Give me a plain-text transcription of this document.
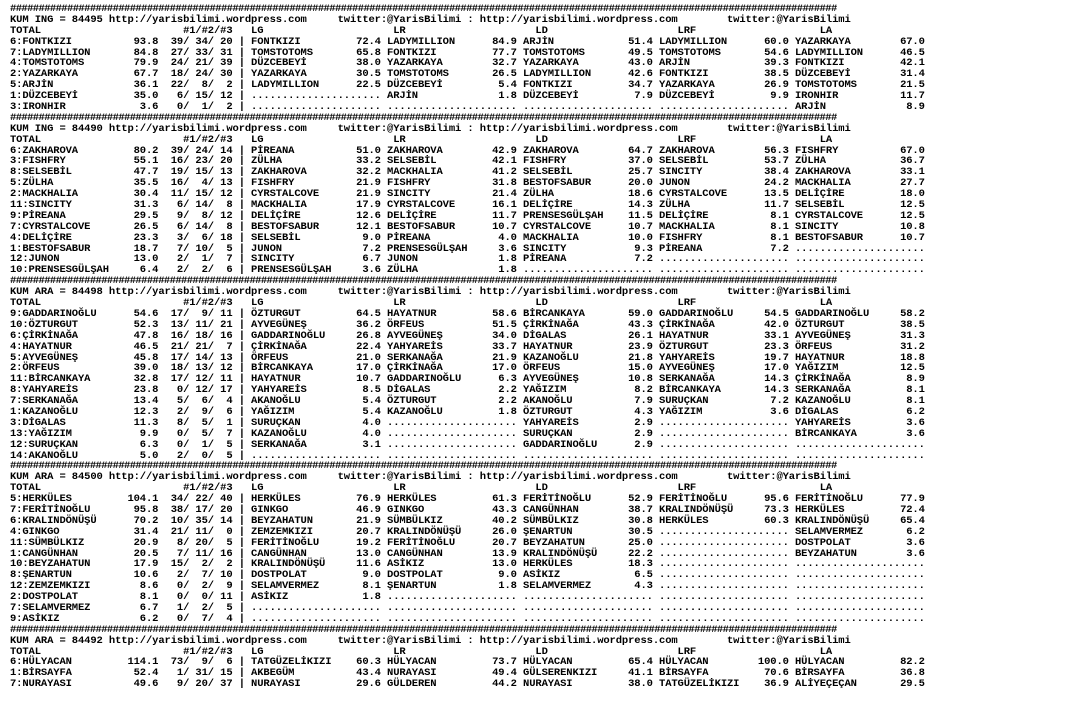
#################################################################################################################################################
KUM ING = 84495 http://yarisbilimi.wordpress.com     twitter:@YarisBilimi : http://yarisbilimi.wordpress.com        twitter:@YarisBilimi
TOTAL                       #1/#2/#3   LG                     LR                     LD                     LRF                    LA
6:FONTKIZI          93.8  39/ 34/ 20 | FONTKIZI         72.4 LADYMILLION      84.9 ARJİN            51.4 LADYMILLION      60.0 YAZARKAYA        67.0
7:LADYMILLION       84.8  27/ 33/ 31 | TOMSTOTOMS       65.8 FONTKIZI         77.7 TOMSTOTOMS       49.5 TOMSTOTOMS       54.6 LADYMILLION      46.5
4:TOMSTOTOMS        79.9  24/ 21/ 39 | DÜZCEBEYİ        38.0 YAZARKAYA        32.7 YAZARKAYA        43.0 ARJİN            39.3 FONTKIZI         42.1
2:YAZARKAYA         67.7  18/ 24/ 30 | YAZARKAYA        30.5 TOMSTOTOMS       26.5 LADYMILLION      42.6 FONTKIZI         38.5 DÜZCEBEYİ        31.4
5:ARJİN             36.1  22/  8/  2 | LADYMILLION      22.5 DÜZCEBEYİ         5.4 FONTKIZI         34.7 YAZARKAYA        26.9 TOMSTOTOMS       21.5
1:DÜZCEBEYİ         35.0   6/ 15/ 12 | ..................... ARJİN             1.8 DÜZCEBEYİ         7.9 DÜZCEBEYİ         9.9 IRONHIR          11.7
3:IRONHIR            3.6   0/  1/  2 | ..................... ..................... ..................... ..................... ARJİN             8.9
#################################################################################################################################################
KUM ING = 84490 http://yarisbilimi.wordpress.com     twitter:@YarisBilimi : http://yarisbilimi.wordpress.com        twitter:@YarisBilimi
TOTAL                       #1/#2/#3   LG                     LR                     LD                     LRF                    LA
6:ZAKHAROVA         80.2  39/ 24/ 14 | PİREANA          51.0 ZAKHAROVA        42.9 ZAKHAROVA        64.7 ZAKHAROVA        56.3 FISHFRY          67.0
3:FISHFRY           55.1  16/ 23/ 20 | ZÜLHA            33.2 SELSEBİL         42.1 FISHFRY          37.0 SELSEBİL         53.7 ZÜLHA            36.7
8:SELSEBİL          47.7  19/ 15/ 13 | ZAKHAROVA        32.2 MACKHALIA        41.2 SELSEBİL         25.7 SINCITY          38.4 ZAKHAROVA        33.1
5:ZÜLHA             35.5  16/  4/ 13 | FISHFRY          21.9 FISHFRY          31.8 BESTOFSABUR      20.0 JUNON            24.2 MACKHALIA        27.7
2:MACKHALIA         30.4  11/ 15/ 12 | CYRSTALCOVE      21.9 SINCITY          21.4 ZÜLHA            18.6 CYRSTALCOVE      13.5 DELİÇİRE         18.0
11:SINCITY          31.3   6/ 14/  8 | MACKHALIA        17.9 CYRSTALCOVE      16.1 DELİÇİRE         14.3 ZÜLHA            11.7 SELSEBİL         12.5
9:PİREANA           29.5   9/  8/ 12 | DELİÇİRE         12.6 DELİÇİRE         11.7 PRENSESGÜLŞAH    11.5 DELİÇİRE          8.1 CYRSTALCOVE      12.5
7:CYRSTALCOVE       26.5   6/ 14/  8 | BESTOFSABUR      12.1 BESTOFSABUR      10.7 CYRSTALCOVE      10.7 MACKHALIA         8.1 SINCITY          10.8
4:DELİÇİRE          23.3   3/  6/ 18 | SELSEBİL          9.0 PİREANA           4.0 MACKHALIA        10.0 FISHFRY           8.1 BESTOFSABUR      10.7
1:BESTOFSABUR       18.7   7/ 10/  5 | JUNON             7.2 PRENSESGÜLŞAH     3.6 SINCITY           9.3 PİREANA           7.2 .....................
12:JUNON            13.0   2/  1/  7 | SINCITY           6.7 JUNON             1.8 PİREANA           7.2 ..................... .....................
10:PRENSESGÜLŞAH     6.4   2/  2/  6 | PRENSESGÜLŞAH     3.6 ZÜLHA             1.8 ..................... ..................... .....................
#################################################################################################################################################
KUM ARA = 84498 http://yarisbilimi.wordpress.com     twitter:@YarisBilimi : http://yarisbilimi.wordpress.com        twitter:@YarisBilimi
TOTAL                       #1/#2/#3   LG                     LR                     LD                     LRF                    LA
9:GADDARINOĞLU      54.6  17/  9/ 11 | ÖZTURGUT         64.5 HAYATNUR         58.6 BİRCANKAYA       59.0 GADDARINOĞLU     54.5 GADDARINOĞLU     58.2
10:ÖZTURGUT         52.3  13/ 11/ 21 | AYVEGÜNEŞ        36.2 ÖRFEUS           51.5 ÇİRKİNAĞA        43.3 ÇİRKİNAĞA        42.0 ÖZTURGUT         38.5
6:ÇİRKİNAĞA         47.8  16/ 18/ 16 | GADDARINOĞLU     26.8 AYVEGÜNEŞ        34.0 DİGALAS          26.1 HAYATNUR         33.1 AYVEGÜNEŞ        31.3
4:HAYATNUR          46.5  21/ 21/  7 | ÇİRKİNAĞA        22.4 YAHYAREİS        33.7 HAYATNUR         23.9 ÖZTURGUT         23.3 ÖRFEUS           31.2
5:AYVEGÜNEŞ         45.8  17/ 14/ 13 | ÖRFEUS           21.0 SERKANAĞA        21.9 KAZANOĞLU        21.8 YAHYAREİS        19.7 HAYATNUR         18.8
2:ÖRFEUS            39.0  18/ 13/ 12 | BİRCANKAYA       17.0 ÇİRKİNAĞA        17.0 ÖRFEUS           15.0 AYVEGÜNEŞ        17.0 YAĞIZIM          12.5
11:BİRCANKAYA       32.8  17/ 12/ 11 | HAYATNUR         10.7 GADDARINOĞLU      6.3 AYVEGÜNEŞ        10.8 SERKANAĞA        14.3 ÇİRKİNAĞA         8.9
8:YAHYAREİS         23.8   0/ 12/ 17 | YAHYAREİS         8.5 DİGALAS           2.2 YAĞIZIM           8.2 BİRCANKAYA       14.3 SERKANAĞA         8.1
7:SERKANAĞA         13.4   5/  6/  4 | AKANOĞLU          5.4 ÖZTURGUT          2.2 AKANOĞLU          7.9 SURUÇKAN          7.2 KAZANOĞLU         8.1
1:KAZANOĞLU         12.3   2/  9/  6 | YAĞIZIM           5.4 KAZANOĞLU         1.8 ÖZTURGUT          4.3 YAĞIZIM           3.6 DİGALAS           6.2
3:DİGALAS           11.3   8/  5/  1 | SURUÇKAN          4.0 ..................... YAHYAREİS         2.9 ..................... YAHYAREİS         3.6
13:YAĞIZIM           9.9   0/  5/  7 | KAZANOĞLU         4.0 ..................... SURUÇKAN          2.9 ..................... BİRCANKAYA        3.6
12:SURUÇKAN          6.3   0/  1/  5 | SERKANAĞA         3.1 ..................... GADDARINOĞLU      2.9 ..................... .....................
14:AKANOĞLU          5.0   2/  0/  5 | ..................... ..................... ..................... ..................... .....................
#################################################################################################################################################
KUM ARA = 84500 http://yarisbilimi.wordpress.com     twitter:@YarisBilimi : http://yarisbilimi.wordpress.com        twitter:@YarisBilimi
TOTAL                       #1/#2/#3   LG                     LR                     LD                     LRF                    LA
5:HERKÜLES         104.1  34/ 22/ 40 | HERKÜLES         76.9 HERKÜLES         61.3 FERİTİNOĞLU      52.9 FERİTİNOĞLU      95.6 FERİTİNOĞLU      77.9
7:FERİTİNOĞLU       95.8  38/ 17/ 20 | GINKGO           46.9 GINKGO           43.3 CANGÜNHAN        38.7 KRALINDÖNÜŞÜ     73.3 HERKÜLES         72.4
6:KRALINDÖNÜŞÜ      70.2  10/ 35/ 14 | BEYZAHATUN       21.9 SÜMBÜLKIZ        40.2 SÜMBÜLKIZ        30.8 HERKÜLES         60.3 KRALINDÖNÜŞÜ     65.4
4:GINKGO            31.4  21/ 11/  0 | ZEMZEMKIZI       20.7 KRALINDÖNÜŞÜ     26.0 ŞENARTUN         30.5 ..................... SELAMVERMEZ       6.2
11:SÜMBÜLKIZ        20.9   8/ 20/  5 | FERİTİNOĞLU      19.2 FERİTİNOĞLU      20.7 BEYZAHATUN       25.0 ..................... DOSTPOLAT         3.6
1:CANGÜNHAN         20.5   7/ 11/ 16 | CANGÜNHAN        13.0 CANGÜNHAN        13.9 KRALINDÖNÜŞÜ     22.2 ..................... BEYZAHATUN        3.6
10:BEYZAHATUN       17.9  15/  2/  2 | KRALINDÖNÜŞÜ     11.6 ASİKIZ           13.0 HERKÜLES         18.3 ..................... .....................
8:ŞENARTUN          10.6   2/  7/ 10 | DOSTPOLAT         9.0 DOSTPOLAT         9.0 ASİKIZ            6.5 ..................... .....................
12:ZEMZEMKIZI        8.6   0/  2/  9 | SELAMVERMEZ       8.1 ŞENARTUN          1.8 SELAMVERMEZ       4.3 ..................... .....................
2:DOSTPOLAT          8.1   0/  0/ 11 | ASİKIZ            1.8 ..................... ..................... ..................... .....................
7:SELAMVERMEZ        6.7   1/  2/  5 | ..................... ..................... ..................... ..................... .....................
9:ASİKIZ             6.2   0/  7/  4 | ..................... ..................... ..................... ..................... .....................
#################################################################################################################################################
KUM ARA = 84492 http://yarisbilimi.wordpress.com     twitter:@YarisBilimi : http://yarisbilimi.wordpress.com        twitter:@YarisBilimi
TOTAL                       #1/#2/#3   LG                     LR                     LD                     LRF                    LA
6:HÜLYACAN         114.1  73/  9/  6 | TATGÜZELİKIZI    60.3 HÜLYACAN         73.7 HÜLYACAN         65.4 HÜLYACAN        100.0 HÜLYACAN         82.2
1:BİRSAYFA          52.4   1/ 31/ 15 | AKBEGÜM          43.4 NURAYASI         49.4 GÜLSERENKIZI     41.1 BİRSAYFA         70.6 BİRSAYFA         36.8
7:NURAYASI          49.6   9/ 20/ 37 | NURAYASI         29.6 GÜLDEREN         44.2 NURAYASI         38.0 TATGÜZELİKIZI    36.9 ALİYEÇEÇAN       29.5
